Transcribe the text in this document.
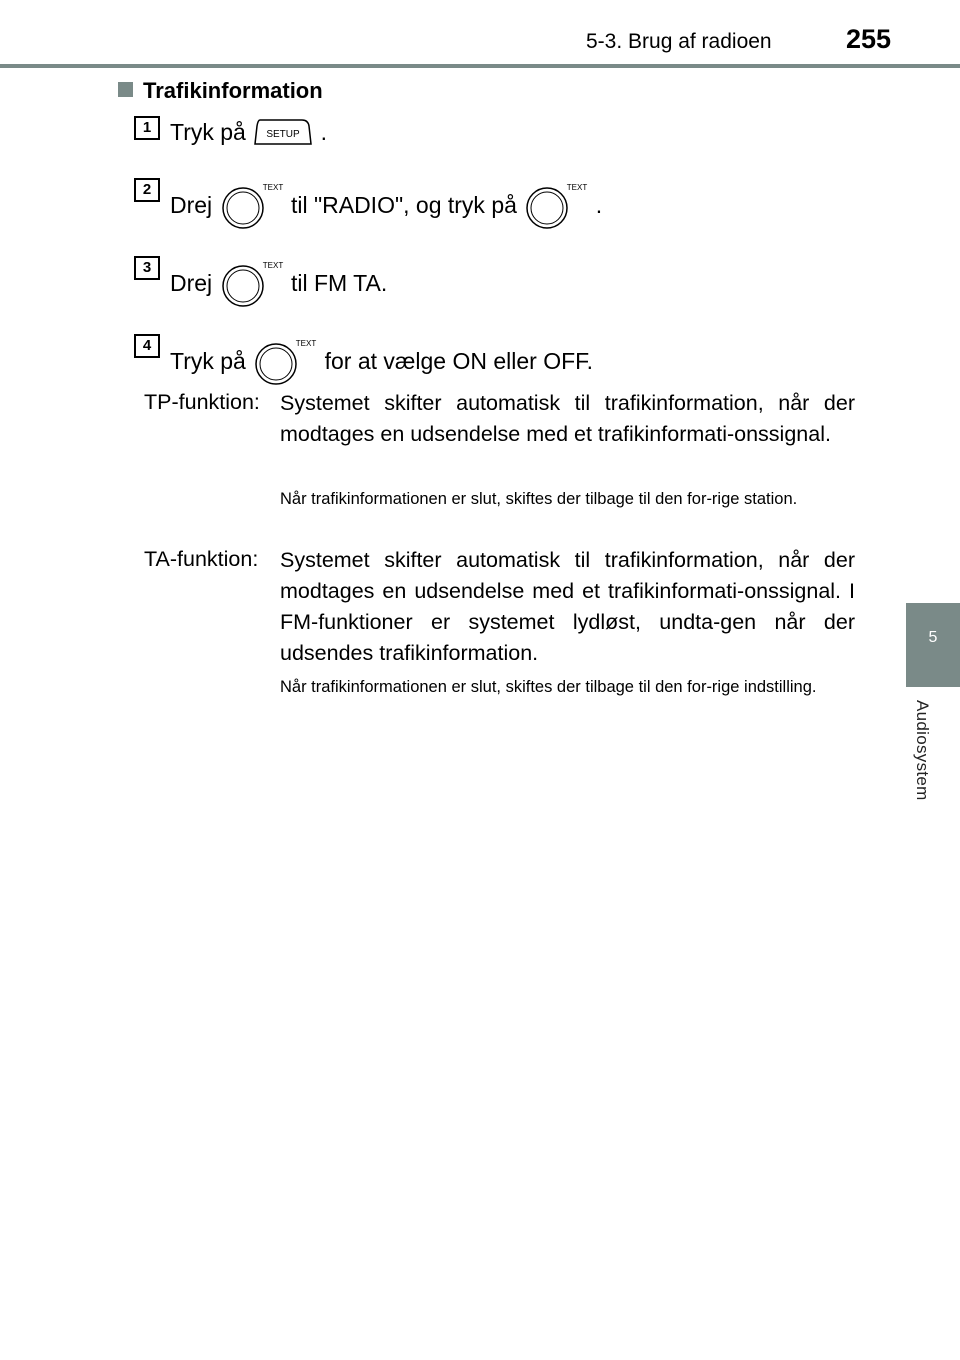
5-3. Brug af radioen	255
5
Audiosystem
Trafikinformation
1 Tryk på SETUP .
2
Drej
TEXT
til "RADIO", og tryk på
TEXT
.
3
Drej
TEXT
til FM TA.
4
Tryk på
TEXT
for at vælge ON eller OFF.
TP-funktion: Systemet skifter automatisk til trafikinformation, når der modtages en udsendelse med et trafikinformati-onssignal.
Når trafikinformationen er slut, skiftes der tilbage til den for-rige station.
TA-funktion: Systemet skifter automatisk til trafikinformation, når der modtages en udsendelse med et trafikinformati-onssignal. I FM-funktioner er systemet lydløst, undta-gen når der udsendes trafikinformation.
Når trafikinformationen er slut, skiftes der tilbage til den for-rige indstilling.
